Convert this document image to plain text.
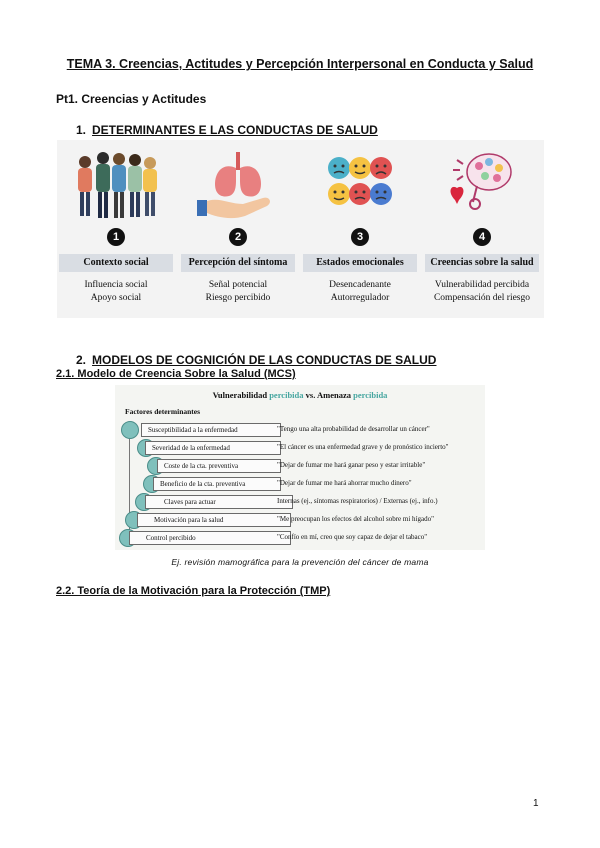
TEMA 3. Creencias, Actitudes y Percepción Interpersonal en Conducta y Salud
Pt1. Creencias y Actitudes
1. DETERMINANTES E LAS CONDUCTAS DE SALUD
1
Contexto social
Influencia social
Apoyo social
2
Percepción del síntoma
Señal potencial
Riesgo percibido
3
Estados emocionales
Desencadenante
Autorregulador
4
Creencias sobre la salud
Vulnerabilidad percibida
Compensación del riesgo
2. MODELOS DE COGNICIÓN DE LAS CONDUCTAS DE SALUD
2.1. Modelo de Creencia Sobre la Salud (MCS)
Vulnerabilidad percibida vs. Amenaza percibida
Factores determinantes
Susceptibilidad a la enfermedad	"Tengo una alta probabilidad de desarrollar un cáncer"
Severidad de la enfermedad	"El cáncer es una enfermedad grave y de pronóstico incierto"
Coste de la cta. preventiva	"Dejar de fumar me hará ganar peso y estar irritable"
Beneficio de la cta. preventiva	"Dejar de fumar me hará ahorrar mucho dinero"
Claves para actuar	Internas (ej., síntomas respiratorios) / Externas (ej., info.)
Motivación para la salud	"Me preocupan los efectos del alcohol sobre mi hígado"
Control percibido	"Confío en mí, creo que soy capaz de dejar el tabaco"
Ej. revisión mamográfica para la prevención del cáncer de mama
2.2. Teoría de la Motivación para la Protección (TMP)
1
